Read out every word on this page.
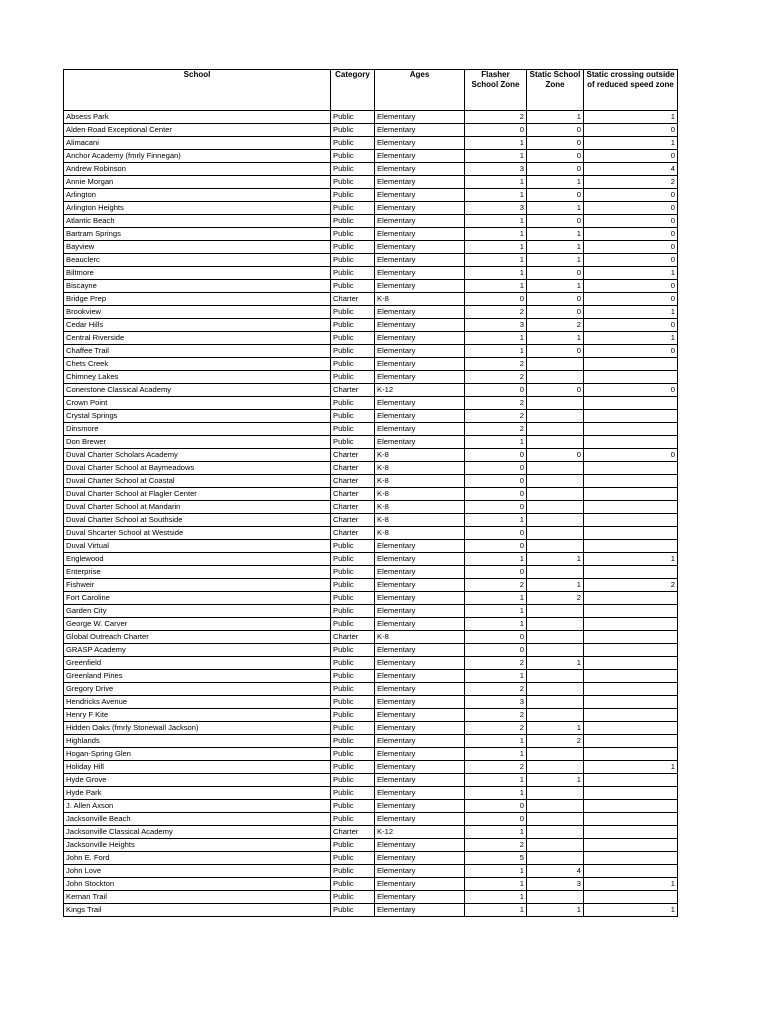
School	Category	Ages	Flasher School Zone	Static School Zone	Static crossing outside of reduced speed zone
Absess Park	Public	Elementary	2	1	1
Alden Road Exceptional Center	Public	Elementary	0	0	0
Alimacani	Public	Elementary	1	0	1
Anchor Academy (fmrly Finnegan)	Public	Elementary	1	0	0
Andrew Robinson	Public	Elementary	3	0	4
Annie Morgan	Public	Elementary	1	1	2
Arlington	Public	Elementary	1	0	0
Arlington Heights	Public	Elementary	3	1	0
Atlantic Beach	Public	Elementary	1	0	0
Bartram Springs	Public	Elementary	1	1	0
Bayview	Public	Elementary	1	1	0
Beauclerc	Public	Elementary	1	1	0
Biltmore	Public	Elementary	1	0	1
Biscayne	Public	Elementary	1	1	0
Bridge Prep	Charter	K-8	0	0	0
Brookview	Public	Elementary	2	0	1
Cedar Hills	Public	Elementary	3	2	0
Central Riverside	Public	Elementary	1	1	1
Chaffee Trail	Public	Elementary	1	0	0
Chets Creek	Public	Elementary	2		
Chimney Lakes	Public	Elementary	2		
Conerstone Classical Academy	Charter	K-12	0	0	0
Crown Point	Public	Elementary	2		
Crystal Springs	Public	Elementary	2		
Dinsmore	Public	Elementary	2		
Don Brewer	Public	Elementary	1		
Duval Charter Scholars Academy	Charter	K-8	0	0	0
Duval Charter School at Baymeadows	Charter	K-8	0		
Duval Charter School at Coastal	Charter	K-8	0		
Duval Charter School at Flagler Center	Charter	K-8	0		
Duval Charter School at Mandarin	Charter	K-8	0		
Duval Charter School at Southside	Charter	K-8	1		
Duval Shcarter School at Westside	Charter	K-8	0		
Duval Virtual	Public	Elementary	0		
Englewood	Public	Elementary	1	1	1
Enterprise	Public	Elementary	0		
Fishweir	Public	Elementary	2	1	2
Fort Caroline	Public	Elementary	1	2	
Garden City	Public	Elementary	1		
George W. Carver	Public	Elementary	1		
Global Outreach Charter	Charter	K-8	0		
GRASP Academy	Public	Elementary	0		
Greenfield	Public	Elementary	2	1	
Greenland Pines	Public	Elementary	1		
Gregory Drive	Public	Elementary	2		
Hendricks Avenue	Public	Elementary	3		
Henry F Kite	Public	Elementary	2		
Hidden Oaks (fmrly Stonewall Jackson)	Public	Elementary	2	1	
Highlands	Public	Elementary	1	2	
Hogan-Spring Glen	Public	Elementary	1		
Holiday Hill	Public	Elementary	2		1
Hyde Grove	Public	Elementary	1	1	
Hyde Park	Public	Elementary	1		
J. Allen Axson	Public	Elementary	0		
Jacksonville Beach	Public	Elementary	0		
Jacksonville Classical Academy	Charter	K-12	1		
Jacksonville Heights	Public	Elementary	2		
John E. Ford	Public	Elementary	5		
John Love	Public	Elementary	1	4	
John Stockton	Public	Elementary	1	3	1
Kernan Trail	Public	Elementary	1		
Kings Trail	Public	Elementary	1	1	1
